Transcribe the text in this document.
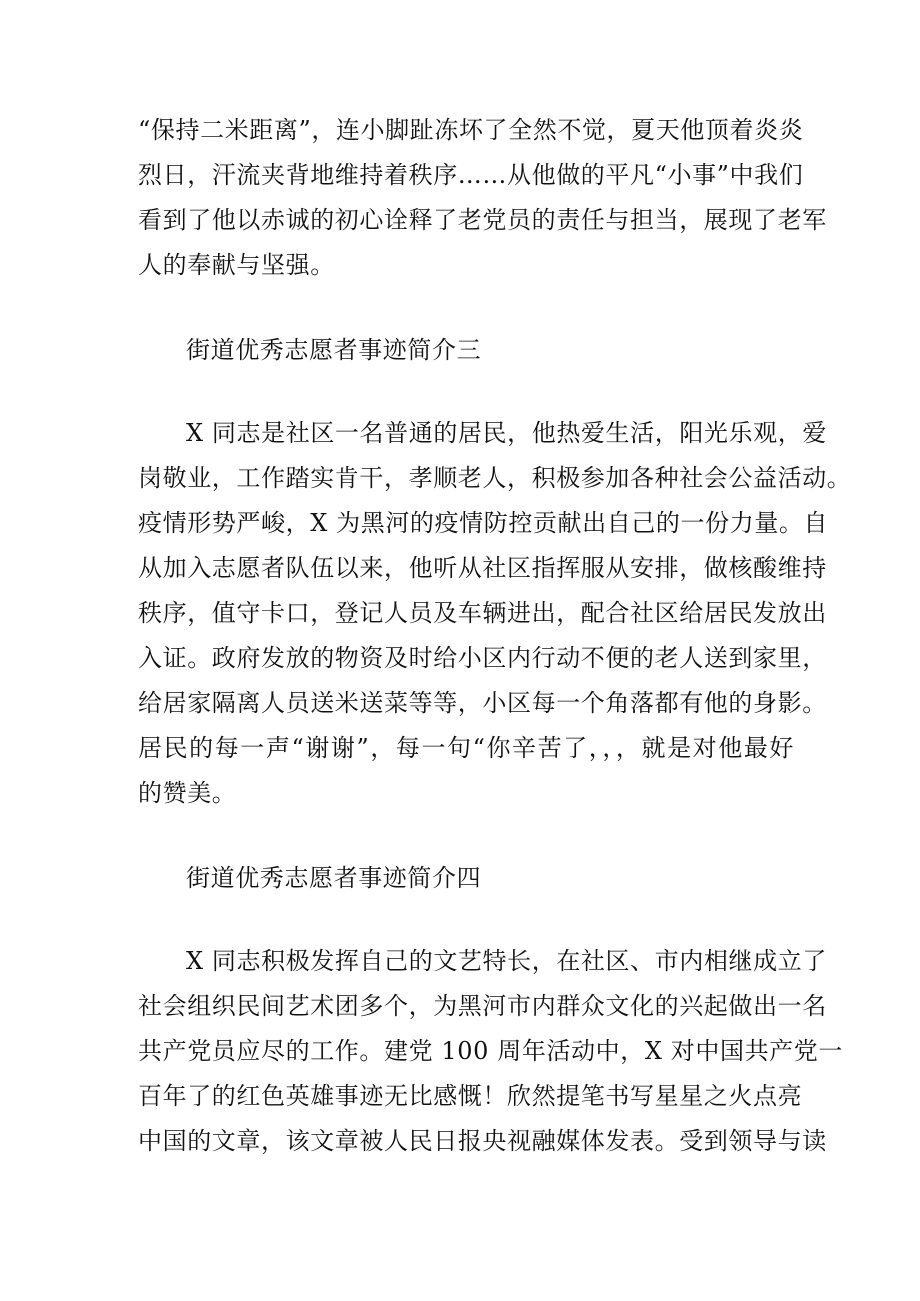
“保持二米距离”，连小脚趾冻坏了全然不觉，夏天他顶着炎炎
烈日，汗流夹背地维持着秩序……从他做的平凡“小事”中我们
看到了他以赤诚的初心诠释了老党员的责任与担当，展现了老军
人的奉献与坚强。
街道优秀志愿者事迹简介三
X 同志是社区一名普通的居民，他热爱生活，阳光乐观，爱
岗敬业，工作踏实肯干，孝顺老人，积极参加各种社会公益活动。
疫情形势严峻，X 为黑河的疫情防控贡献出自己的一份力量。自
从加入志愿者队伍以来，他听从社区指挥服从安排，做核酸维持
秩序，值守卡口，登记人员及车辆进出，配合社区给居民发放出
入证。政府发放的物资及时给小区内行动不便的老人送到家里，
给居家隔离人员送米送菜等等，小区每一个角落都有他的身影。
居民的每一声“谢谢”，每一句“你辛苦了，，，就是对他最好
的赞美。
街道优秀志愿者事迹简介四
X 同志积极发挥自己的文艺特长，在社区、市内相继成立了
社会组织民间艺术团多个，为黑河市内群众文化的兴起做出一名
共产党员应尽的工作。建党 100 周年活动中，X 对中国共产党一
百年了的红色英雄事迹无比感慨！欣然提笔书写星星之火点亮
中国的文章，该文章被人民日报央视融媒体发表。受到领导与读
